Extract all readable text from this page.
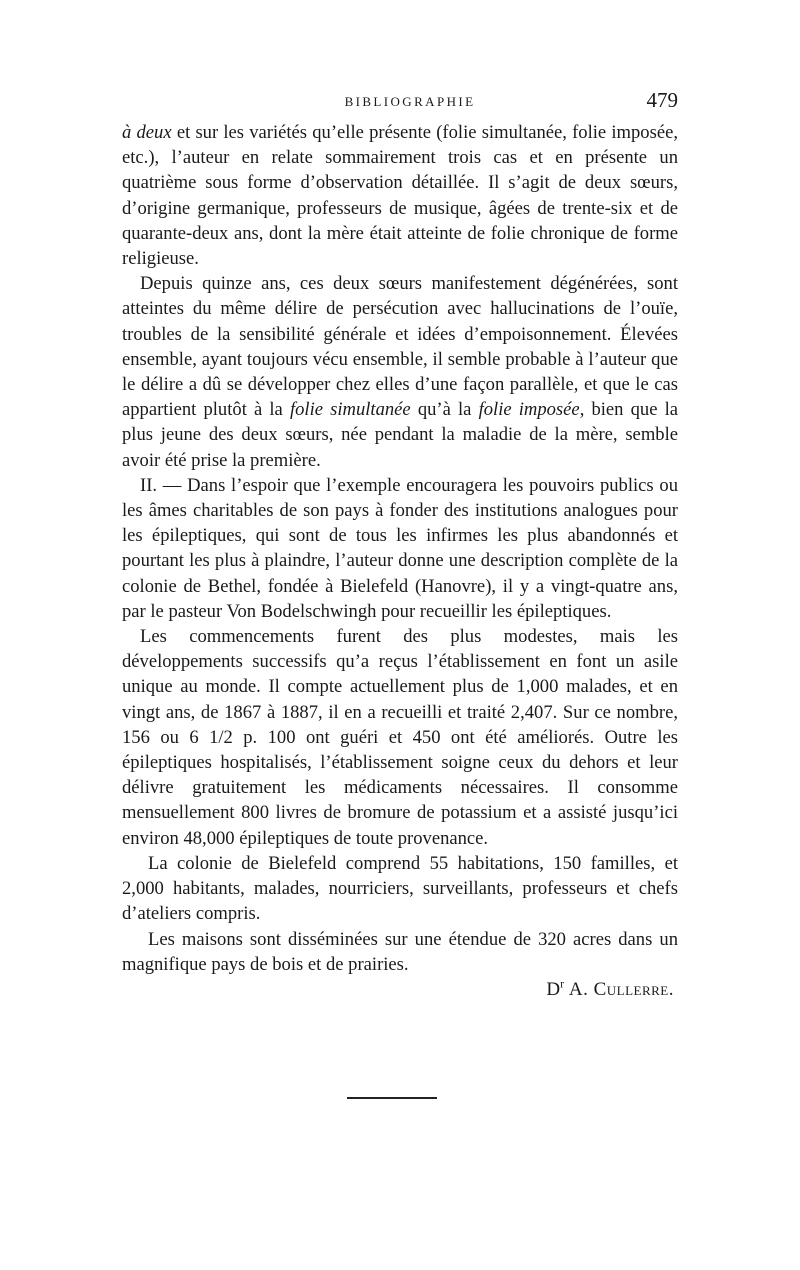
BIBLIOGRAPHIE	479

à deux et sur les variétés qu’elle présente (folie simultanée, folie imposée, etc.), l’auteur en relate sommairement trois cas et en présente un quatrième sous forme d’observation détaillée. Il s’agit de deux sœurs, d’origine germanique, professeurs de musique, âgées de trente-six et de quarante-deux ans, dont la mère était atteinte de folie chronique de forme religieuse.

Depuis quinze ans, ces deux sœurs manifestement dégénérées, sont atteintes du même délire de persécution avec hallucinations de l’ouïe, troubles de la sensibilité générale et idées d’empoisonnement. Élevées ensemble, ayant toujours vécu ensemble, il semble probable à l’auteur que le délire a dû se développer chez elles d’une façon parallèle, et que le cas appartient plutôt à la folie simultanée qu’à la folie imposée, bien que la plus jeune des deux sœurs, née pendant la maladie de la mère, semble avoir été prise la première.

II. — Dans l’espoir que l’exemple encouragera les pouvoirs publics ou les âmes charitables de son pays à fonder des institutions analogues pour les épileptiques, qui sont de tous les infirmes les plus abandonnés et pourtant les plus à plaindre, l’auteur donne une description complète de la colonie de Bethel, fondée à Bielefeld (Hanovre), il y a vingt-quatre ans, par le pasteur Von Bodelschwingh pour recueillir les épileptiques.

Les commencements furent des plus modestes, mais les développements successifs qu’a reçus l’établissement en font un asile unique au monde. Il compte actuellement plus de 1,000 malades, et en vingt ans, de 1867 à 1887, il en a recueilli et traité 2,407. Sur ce nombre, 156 ou 6 1/2 p. 100 ont guéri et 450 ont été améliorés. Outre les épileptiques hospitalisés, l’établissement soigne ceux du dehors et leur délivre gratuitement les médicaments nécessaires. Il consomme mensuellement 800 livres de bromure de potassium et a assisté jusqu’ici environ 48,000 épileptiques de toute provenance.

La colonie de Bielefeld comprend 55 habitations, 150 familles, et 2,000 habitants, malades, nourriciers, surveillants, professeurs et chefs d’ateliers compris.

Les maisons sont disséminées sur une étendue de 320 acres dans un magnifique pays de bois et de prairies.

$D^r$ A. Cullerre.
